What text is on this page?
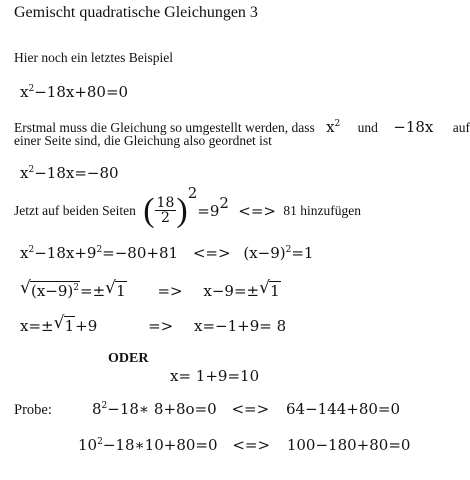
Gemischt quadratische Gleichungen 3
Hier noch ein letztes Beispiel
$x^2-18x+80=0$
Erstmal muss die Gleichung so umgestellt werden, dass $x^2$ und −18x auf
einer Seite sind, die Gleichung also geordnet ist
$x^2-18x=-80$
Jetzt auf beiden Seiten ( $\frac{18}{2} )^2=9^2$ <=> 81 hinzufügen
$x^2-18x+9^2=-80+81$ <=> $(x-9)^2=1$
√ $(x-9)^2=\pm$ √ 1 => x−9=± √ 1
x=± √ 1+9	=> x=−1+9= 8
ODER
x= 1+9=10
Probe:	$8^2-18∗$ 8+8o=0 <=> 64−144+80=0
$10^2-18∗10+80=0$ <=> 100−180+80=0
